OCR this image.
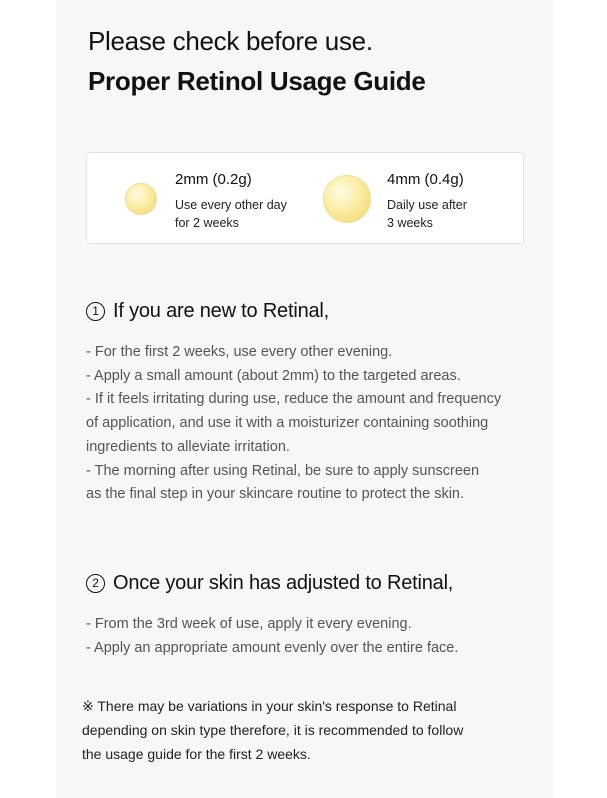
Please check before use.
Proper Retinol Usage Guide
2mm (0.2g)
Use every other day
for 2 weeks
4mm (0.4g)
Daily use after
3 weeks
1 If you are new to Retinal,
- For the first 2 weeks, use every other evening.
- Apply a small amount (about 2mm) to the targeted areas.
- If it feels irritating during use, reduce the amount and frequency
of application, and use it with a moisturizer containing soothing
ingredients to alleviate irritation.
- The morning after using Retinal, be sure to apply sunscreen
as the final step in your skincare routine to protect the skin.
2 Once your skin has adjusted to Retinal,
- From the 3rd week of use, apply it every evening.
- Apply an appropriate amount evenly over the entire face.
※ There may be variations in your skin's response to Retinal
depending on skin type therefore, it is recommended to follow
the usage guide for the first 2 weeks.
